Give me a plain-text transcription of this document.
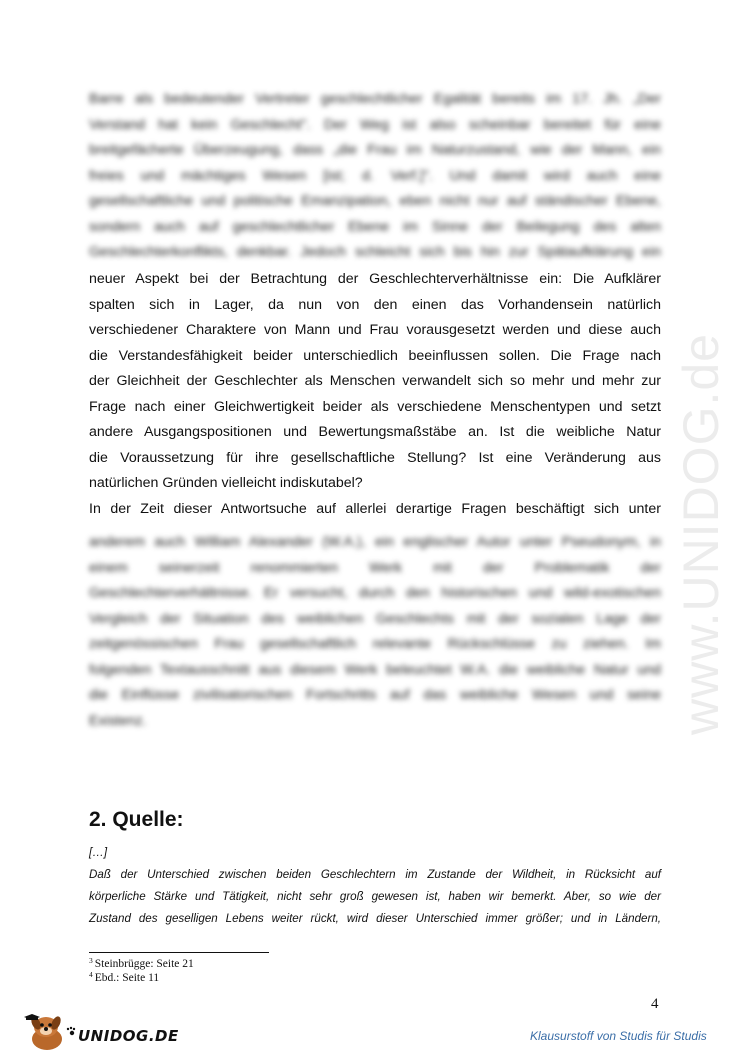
www.UNIDOG.de

Barre als bedeutender Vertreter geschlechtlicher Egalität bereits im 17. Jh. „Der

Verstand hat kein Geschlecht". Der Weg ist also scheinbar bereitet für eine

breitgefächerte Überzeugung, dass „die Frau im Naturzustand, wie der Mann, ein

freies und mächtiges Wesen [ist; d. Verf.]". Und damit wird auch eine

gesellschaftliche und politische Emanzipation, eben nicht nur auf ständischer Ebene,

sondern auch auf geschlechtlicher Ebene im Sinne der Beilegung des alten

Geschlechterkonflikts, denkbar. Jedoch schleicht sich bis hin zur Spätaufklärung ein

neuer Aspekt bei der Betrachtung der Geschlechterverhältnisse ein: Die Aufklärer

spalten sich in Lager, da nun von den einen das Vorhandensein natürlich

verschiedener Charaktere von Mann und Frau vorausgesetzt werden und diese auch

die Verstandesfähigkeit beider unterschiedlich beeinflussen sollen. Die Frage nach

der Gleichheit der Geschlechter als Menschen verwandelt sich so mehr und mehr zur

Frage nach einer Gleichwertigkeit beider als verschiedene Menschentypen und setzt

andere Ausgangspositionen und Bewertungsmaßstäbe an. Ist die weibliche Natur

die Voraussetzung für ihre gesellschaftliche Stellung? Ist eine Veränderung aus

natürlichen Gründen vielleicht indiskutabel?

In der Zeit dieser Antwortsuche auf allerlei derartige Fragen beschäftigt sich unter

anderem auch William Alexander (W.A.), ein englischer Autor unter Pseudonym, in

einem seinerzeit renommierten Werk mit der Problematik der

Geschlechterverhältnisse. Er versucht, durch den historischen und wild-exotischen

Vergleich der Situation des weiblichen Geschlechts mit der sozialen Lage der

zeitgenössischen Frau gesellschaftlich relevante Rückschlüsse zu ziehen. Im

folgenden Textausschnitt aus diesem Werk beleuchtet W.A. die weibliche Natur und

die Einflüsse zivilisatorischen Fortschritts auf das weibliche Wesen und seine

Existenz.

2. Quelle:

[…]

Daß der Unterschied zwischen beiden Geschlechtern im Zustande der Wildheit, in Rücksicht auf

körperliche Stärke und Tätigkeit, nicht sehr groß gewesen ist, haben wir bemerkt. Aber, so wie der

Zustand des geselligen Lebens weiter rückt, wird dieser Unterschied immer größer; und in Ländern,

$^3$ Steinbrügge: Seite 21
$^4$ Ebd.: Seite 11
4
UNIDOG.DE	Klausurstoff von Studis für Studis
